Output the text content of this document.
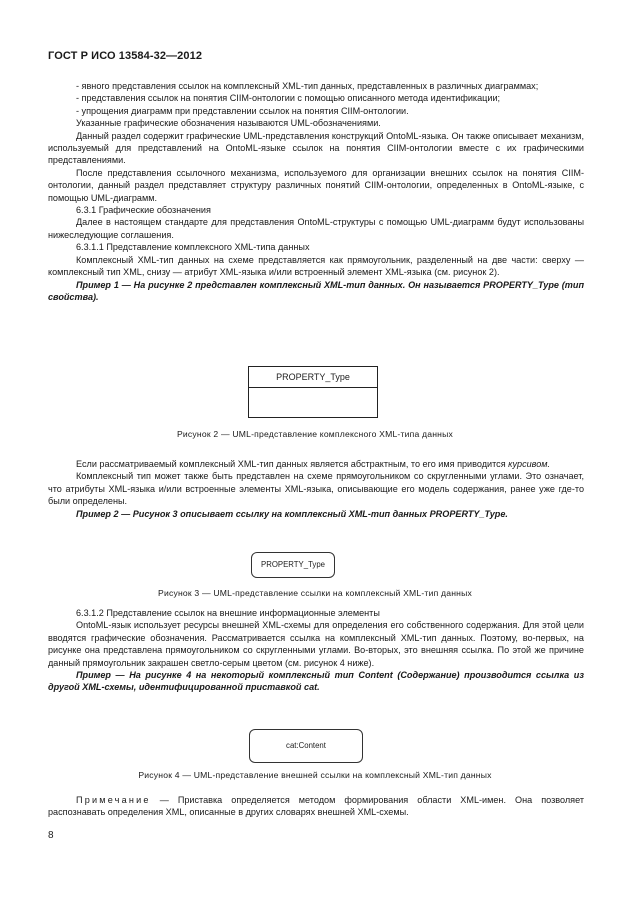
ГОСТ Р ИСО 13584-32—2012

- явного представления ссылок на комплексный XML-тип данных, представленных в различных диаграммах;

- представления ссылок на понятия CIIM-онтологии с помощью описанного метода идентификации;

- упрощения диаграмм при представлении ссылок на понятия CIIM-онтологии.

Указанные графические обозначения называются UML-обозначениями.

Данный раздел содержит графические UML-представления конструкций OntoML-языка. Он также описывает механизм, используемый для представлений на OntoML-языке ссылок на понятия CIIM-онтологии вместе с их графическими представлениями.

После представления ссылочного механизма, используемого для организации внешних ссылок на понятия CIIM-онтологии, данный раздел представляет структуру различных понятий CIIM-онтологии, определенных в OntoML-языке, с помощью UML-диаграмм.

6.3.1 Графические обозначения

Далее в настоящем стандарте для представления OntoML-структуры с помощью UML-диаграмм будут использованы нижеследующие соглашения.

6.3.1.1 Представление комплексного XML-типа данных

Комплексный XML-тип данных на схеме представляется как прямоугольник, разделенный на две части: сверху — комплексный тип XML, снизу — атрибут XML-языка и/или встроенный элемент XML-языка (см. рисунок 2).

Пример 1 — На рисунке 2 представлен комплексный XML-тип данных. Он называется PROPERTY_Type (тип свойства).

PROPERTY_Type
Рисунок 2 — UML-представление комплексного XML-типа данных

Если рассматриваемый комплексный XML-тип данных является абстрактным, то его имя приводится курсивом.

Комплексный тип может также быть представлен на схеме прямоугольником со скругленными углами. Это означает, что атрибуты XML-языка и/или встроенные элементы XML-языка, описывающие его модель содержания, ранее уже где-то были определены.

Пример 2 — Рисунок 3 описывает ссылку на комплексный XML-тип данных PROPERTY_Type.

PROPERTY_Type
Рисунок 3 — UML-представление ссылки на комплексный XML-тип данных

6.3.1.2 Представление ссылок на внешние информационные элементы

OntoML-язык использует ресурсы внешней XML-схемы для определения его собственного содержания. Для этой цели вводятся графические обозначения. Рассматривается ссылка на комплексный XML-тип данных. Поэтому, во-первых, на рисунке она представлена прямоугольником со скругленными углами. Во-вторых, это внешняя ссылка. По этой же причине данный прямоугольник закрашен светло-серым цветом (см. рисунок 4 ниже).

Пример — На рисунке 4 на некоторый комплексный тип Content (Содержание) производится ссылка из другой XML-схемы, идентифицированной приставкой cat.

cat:Content
Рисунок 4 — UML-представление внешней ссылки на комплексный XML-тип данных
Примечание — Приставка определяется методом формирования области XML-имен. Она позволяет распознавать определения XML, описанные в других словарях внешней XML-схемы.
8
